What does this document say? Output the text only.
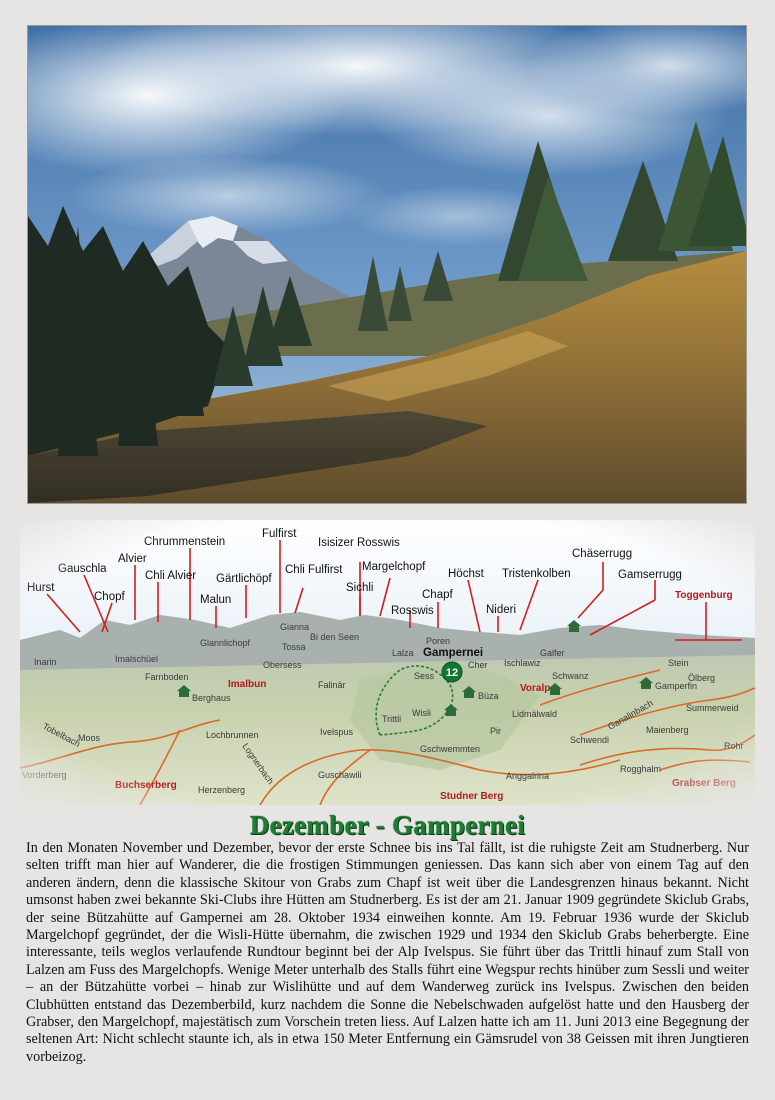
Dezember - Gampernei

In den Monaten November und Dezember, bevor der erste Schnee bis ins Tal fällt, ist die ruhigste Zeit am Studnerberg. Nur selten trifft man hier auf Wanderer, die die frostigen Stimmungen geniessen. Das kann sich aber von einem Tag auf den anderen ändern, denn die klassische Skitour von Grabs zum Chapf ist weit über die Landesgrenzen hinaus bekannt. Nicht umsonst haben zwei bekannte Ski-Clubs ihre Hütten am Studnerberg. Es ist der am 21. Januar 1909 gegründete Skiclub Grabs, der seine Bützahütte auf Gampernei am 28. Oktober 1934 einweihen konnte. Am 19. Februar 1936 wurde der Skiclub Margelchopf gegründet, der die Wisli-Hütte übernahm, die zwischen 1929 und 1934 den Skiclub Grabs beherbergte. Eine interessante, teils weglos verlaufende Rundtour beginnt bei der Alp Ivelspus. Sie führt über das Trittli hinauf zum Stall von Lalzen am Fuss des Margelchopfs. Wenige Meter unterhalb des Stalls führt eine Wegspur rechts hinüber zum Sessli und weiter – an der Bützahütte vorbei – hinab zur Wislihütte und auf dem Wanderweg zurück ins Ivelspus. Zwischen den beiden Clubhütten entstand das Dezemberbild, kurz nachdem die Sonne die Nebelschwaden aufgelöst hatte und den Hausberg der Grabser, den Margelchopf, majestätisch zum Vorschein treten liess. Auf Lalzen hatte ich am 11. Juni 2013 eine Begegnung der seltenen Art: Nicht schlecht staunte ich, als in etwa 150 Meter Entfernung ein Gämsrudel von 38 Geissen mit ihren Jungtieren vorbeizog.
